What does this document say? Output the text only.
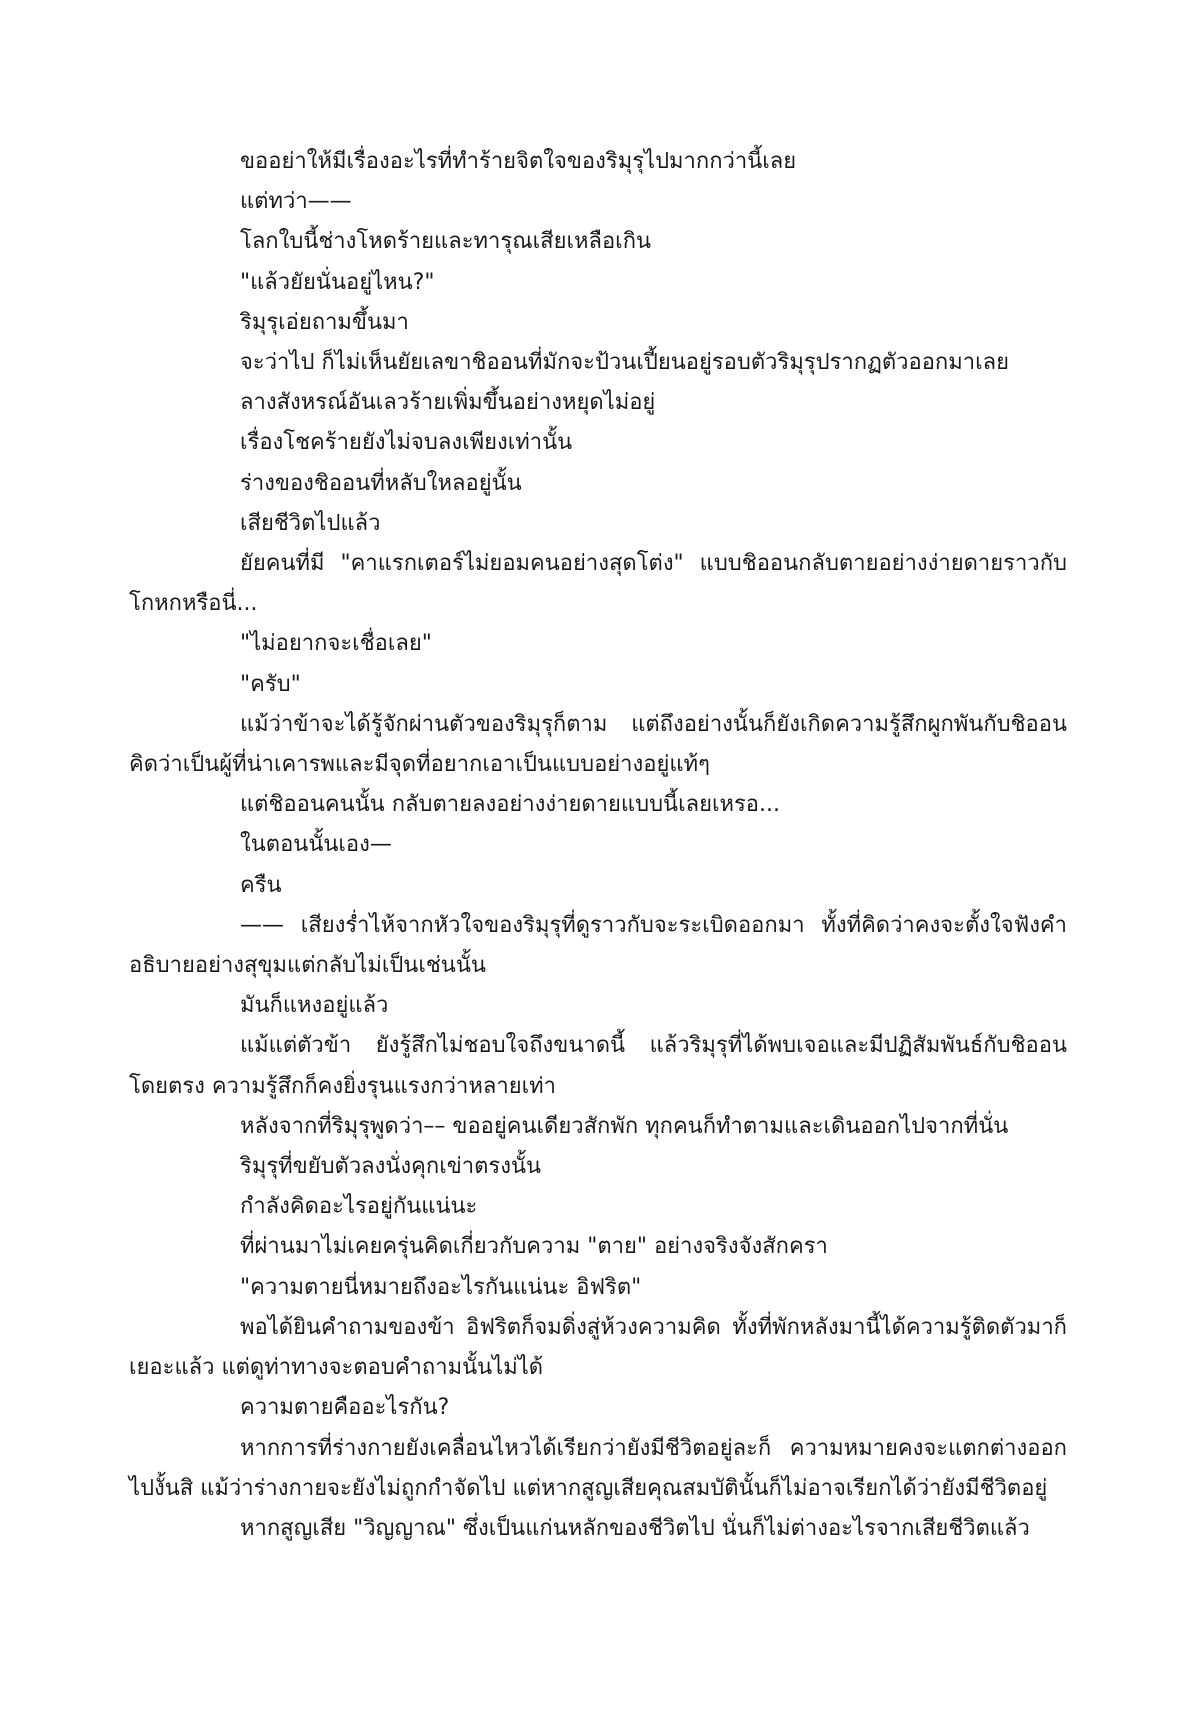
ขออย่าให้มีเรื่องอะไรที่ทำร้ายจิตใจของริมุรุไปมากกว่านี้เลย

แต่ทว่า——

โลกใบนี้ช่างโหดร้ายและทารุณเสียเหลือเกิน

"แล้วยัยนั่นอยู่ไหน?"

ริมุรุเอ่ยถามขึ้นมา

จะว่าไป ก็ไม่เห็นยัยเลขาชิออนที่มักจะป้วนเปี้ยนอยู่รอบตัวริมุรุปรากฏตัวออกมาเลย

ลางสังหรณ์อันเลวร้ายเพิ่มขึ้นอย่างหยุดไม่อยู่

เรื่องโชคร้ายยังไม่จบลงเพียงเท่านั้น

ร่างของชิออนที่หลับใหลอยู่นั้น

เสียชีวิตไปแล้ว

ยัยคนที่มี "คาแรกเตอร์ไม่ยอมคนอย่างสุดโต่ง" แบบชิออนกลับตายอย่างง่ายดายราวกับโกหกหรือนี่...

"ไม่อยากจะเชื่อเลย"

"ครับ"

แม้ว่าข้าจะได้รู้จักผ่านตัวของริมุรุก็ตาม แต่ถึงอย่างนั้นก็ยังเกิดความรู้สึกผูกพันกับชิออนคิดว่าเป็นผู้ที่น่าเคารพและมีจุดที่อยากเอาเป็นแบบอย่างอยู่แท้ๆ

แต่ชิออนคนนั้น กลับตายลงอย่างง่ายดายแบบนี้เลยเหรอ...

ในตอนนั้นเอง—

ครืน

—— เสียงร่ำไห้จากหัวใจของริมุรุที่ดูราวกับจะระเบิดออกมา ทั้งที่คิดว่าคงจะตั้งใจฟังคำอธิบายอย่างสุขุมแต่กลับไม่เป็นเช่นนั้น

มันก็แหงอยู่แล้ว

แม้แต่ตัวข้า ยังรู้สึกไม่ชอบใจถึงขนาดนี้ แล้วริมุรุที่ได้พบเจอและมีปฏิสัมพันธ์กับชิออนโดยตรง ความรู้สึกก็คงยิ่งรุนแรงกว่าหลายเท่า

หลังจากที่ริมุรุพูดว่า–– ขออยู่คนเดียวสักพัก ทุกคนก็ทำตามและเดินออกไปจากที่นั่น

ริมุรุที่ขยับตัวลงนั่งคุกเข่าตรงนั้น

กำลังคิดอะไรอยู่กันแน่นะ

ที่ผ่านมาไม่เคยครุ่นคิดเกี่ยวกับความ "ตาย" อย่างจริงจังสักครา

"ความตายนี่หมายถึงอะไรกันแน่นะ อิฟริต"

พอได้ยินคำถามของข้า อิฟริตก็จมดิ่งสู่ห้วงความคิด ทั้งที่พักหลังมานี้ได้ความรู้ติดตัวมาก็เยอะแล้ว แต่ดูท่าทางจะตอบคำถามนั้นไม่ได้

ความตายคืออะไรกัน?

หากการที่ร่างกายยังเคลื่อนไหวได้เรียกว่ายังมีชีวิตอยู่ละก็ ความหมายคงจะแตกต่างออกไปงั้นสิ แม้ว่าร่างกายจะยังไม่ถูกกำจัดไป แต่หากสูญเสียคุณสมบัตินั้นก็ไม่อาจเรียกได้ว่ายังมีชีวิตอยู่

หากสูญเสีย "วิญญาณ" ซึ่งเป็นแก่นหลักของชีวิตไป นั่นก็ไม่ต่างอะไรจากเสียชีวิตแล้ว
